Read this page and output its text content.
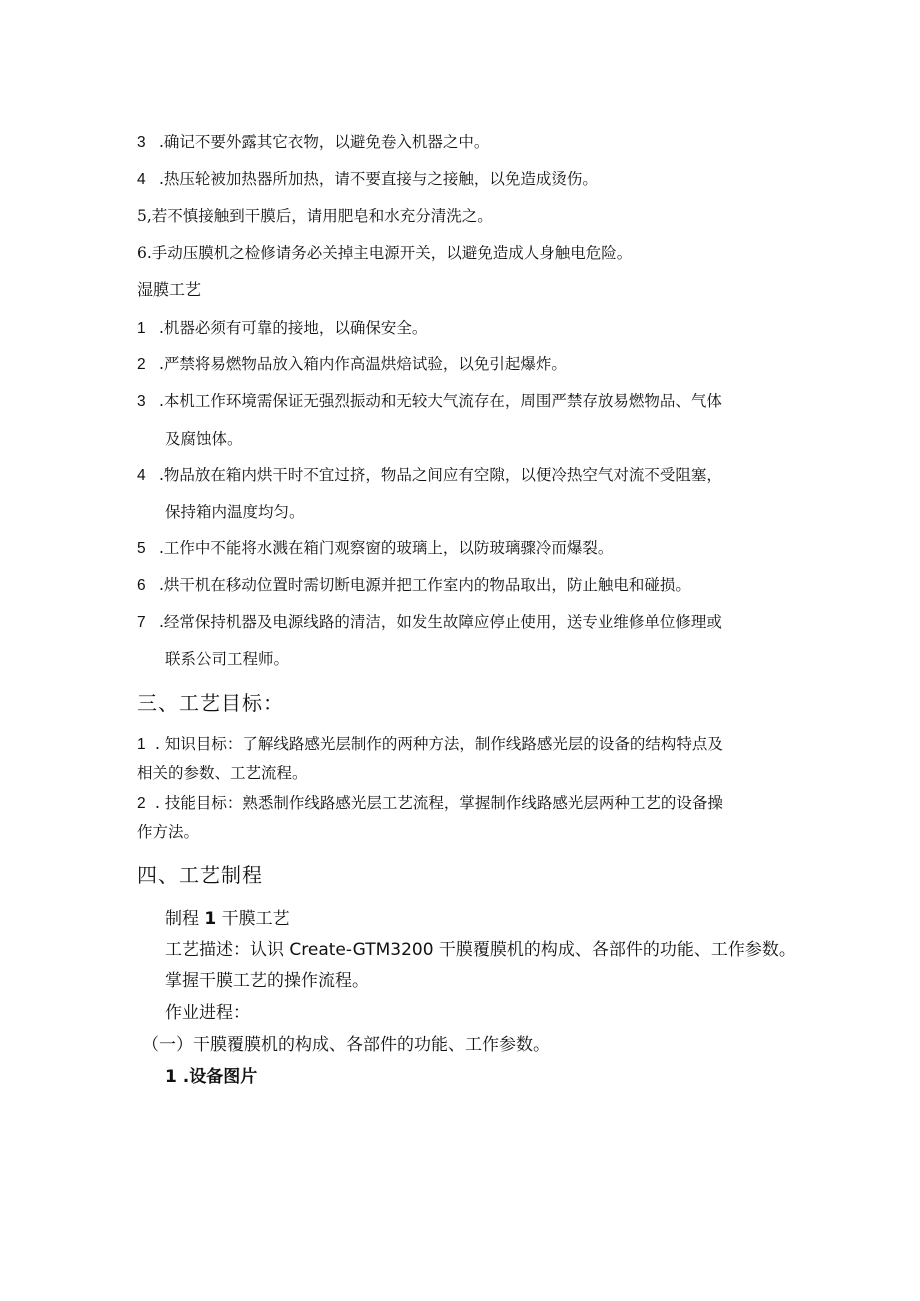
3 .确记不要外露其它衣物，以避免卷入机器之中。
4 .热压轮被加热器所加热，请不要直接与之接触，以免造成烫伤。
5,若不慎接触到干膜后，请用肥皂和水充分清洗之。
6.手动压膜机之检修请务必关掉主电源开关，以避免造成人身触电危险。
湿膜工艺
1 .机器必须有可靠的接地，以确保安全。
2 .严禁将易燃物品放入箱内作高温烘焙试验，以免引起爆炸。
3 .本机工作环境需保证无强烈振动和无较大气流存在，周围严禁存放易燃物品、气体
及腐蚀体。
4 .物品放在箱内烘干时不宜过挤，物品之间应有空隙，以便冷热空气对流不受阻塞，
保持箱内温度均匀。
5 .工作中不能将水溅在箱门观察窗的玻璃上，以防玻璃骤冷而爆裂。
6 .烘干机在移动位置时需切断电源并把工作室内的物品取出，防止触电和碰损。
7 .经常保持机器及电源线路的清洁，如发生故障应停止使用，送专业维修单位修理或
联系公司工程师。
三、工艺目标：
1 . 知识目标：了解线路感光层制作的两种方法，制作线路感光层的设备的结构特点及
相关的参数、工艺流程。
2 . 技能目标：熟悉制作线路感光层工艺流程，掌握制作线路感光层两种工艺的设备操
作方法。
四、工艺制程
制程 1 干膜工艺
工艺描述：认识 Create-GTM3200 干膜覆膜机的构成、各部件的功能、工作参数。
掌握干膜工艺的操作流程。
作业进程：
（一）干膜覆膜机的构成、各部件的功能、工作参数。
1 .设备图片
